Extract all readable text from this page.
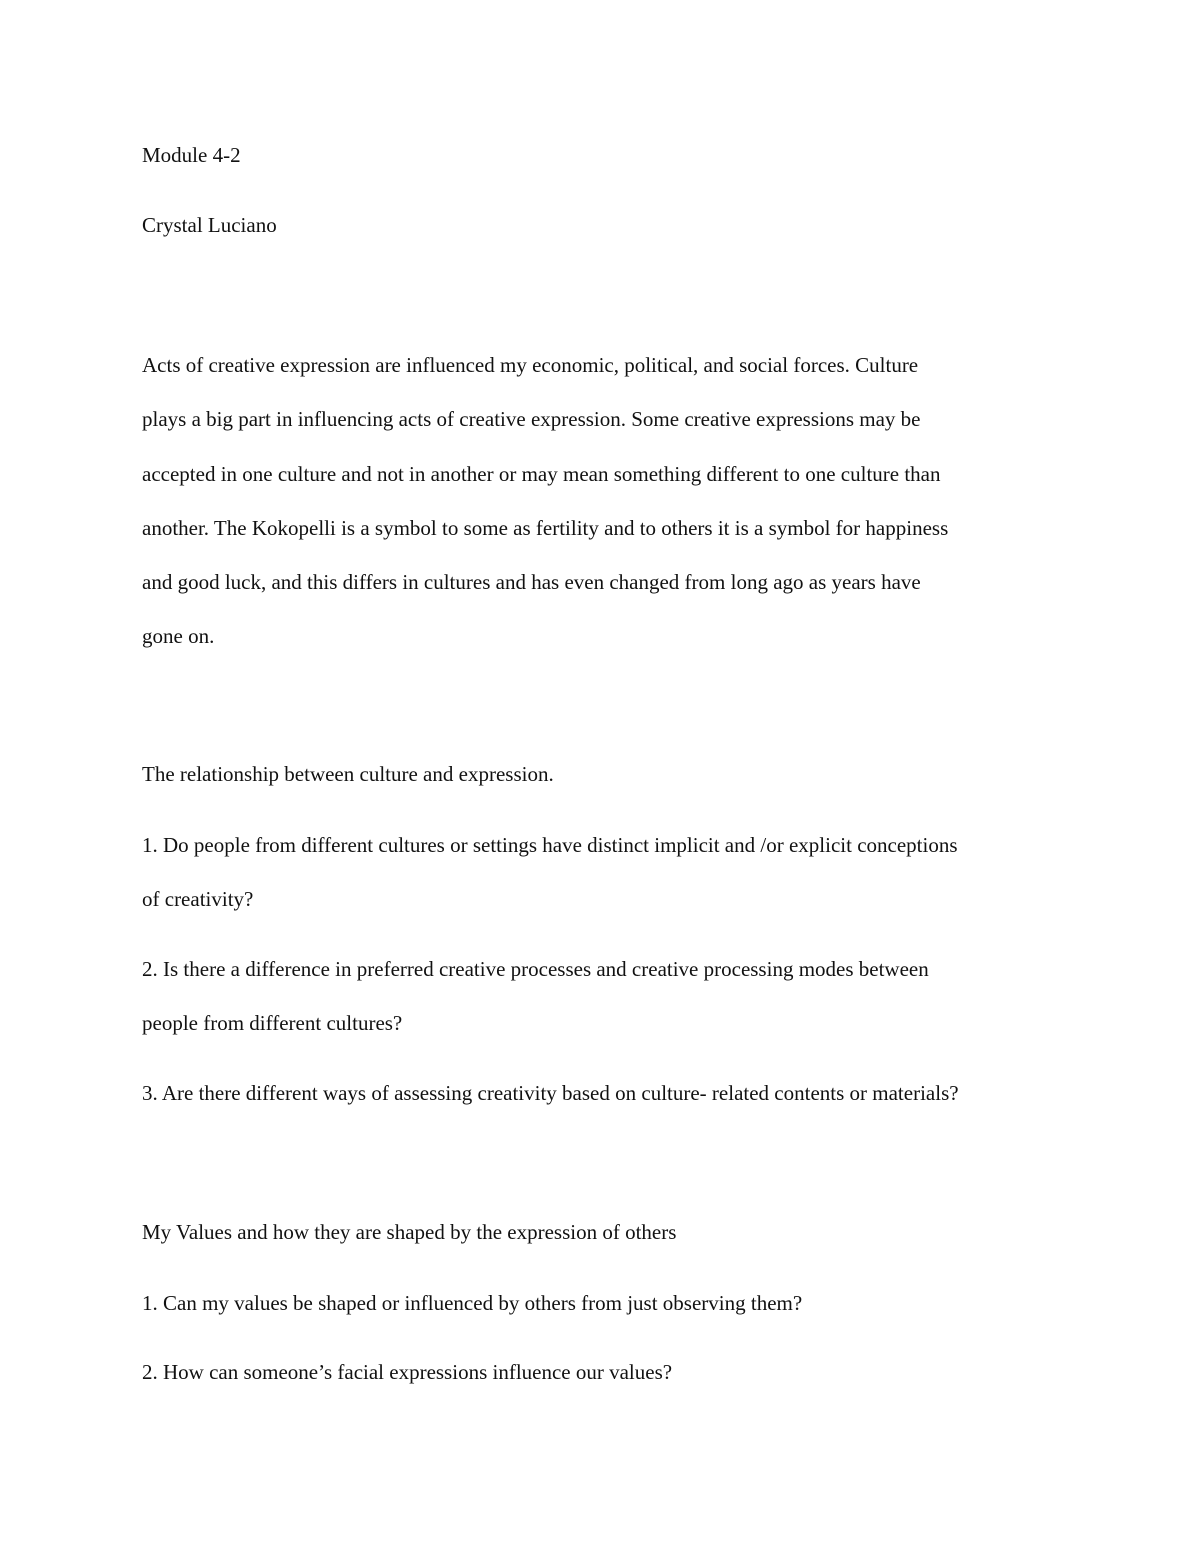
Module 4-2

Crystal Luciano

Acts of creative expression are influenced my economic, political, and social forces. Culture

plays a big part in influencing acts of creative expression. Some creative expressions may be

accepted in one culture and not in another or may mean something different to one culture than

another. The Kokopelli is a symbol to some as fertility and to others it is a symbol for happiness

and good luck, and this differs in cultures and has even changed from long ago as years have

gone on.

The relationship between culture and expression.

1. Do people from different cultures or settings have distinct implicit and /or explicit conceptions

of creativity?

2. Is there a difference in preferred creative processes and creative processing modes between

people from different cultures?

3. Are there different ways of assessing creativity based on culture- related contents or materials?

My Values and how they are shaped by the expression of others

1. Can my values be shaped or influenced by others from just observing them?

2. How can someone’s facial expressions influence our values?
